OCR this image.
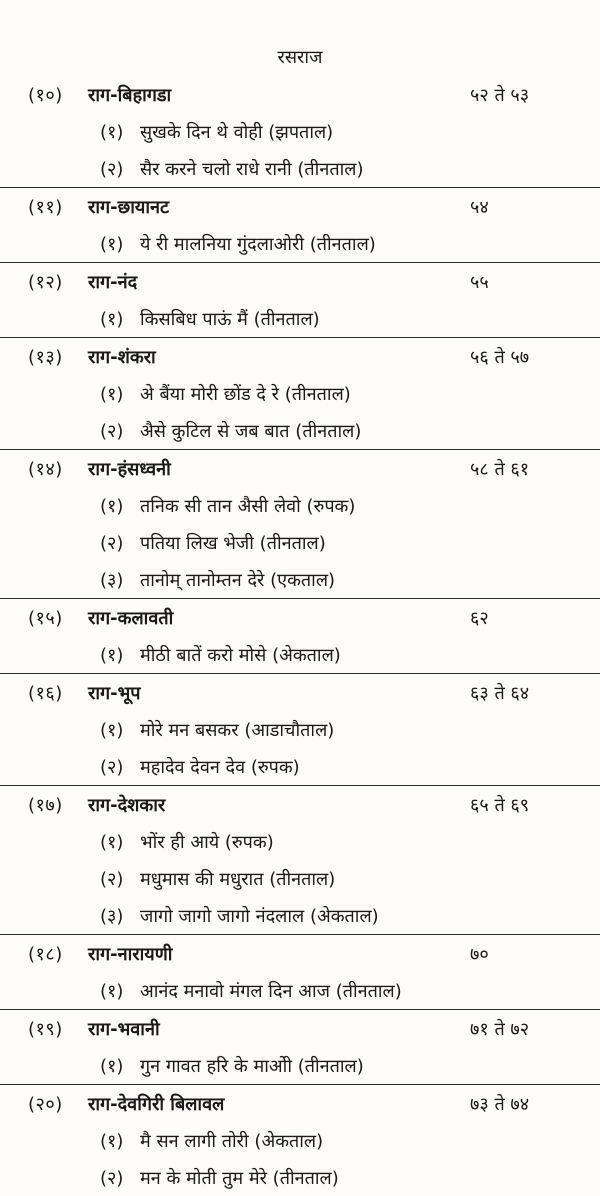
रसराज
(१०) राग-बिहागडा	५२ ते ५३
(१) सुखके दिन थे वोही (झपताल)
(२) सैर करने चलो राधे रानी (तीनताल)
(११) राग-छायानट	५४
(१) ये री मालनिया गुंदलाओरी (तीनताल)
(१२) राग-नंद	५५
(१) किसबिध पाऊं मैं (तीनताल)
(१३) राग-शंकरा	५६ ते ५७
(१) अे बैंया मोरी छोंड दे रे (तीनताल)
(२) अैसे कुटिल से जब बात (तीनताल)
(१४) राग-हंसध्वनी	५८ ते ६१
(१) तनिक सी तान अैसी लेवो (रुपक)
(२) पतिया लिख भेजी (तीनताल)
(३) तानोम् तानोम्तन देरे (एकताल)
(१५) राग-कलावती	६२
(१) मीठी बातें करो मोसे (अेकताल)
(१६) राग-भूप	६३ ते ६४
(१) मोरे मन बसकर (आडाचौताल)
(२) महादेव देवन देव (रुपक)
(१७) राग-देशकार	६५ ते ६९
(१) भोंर ही आये (रुपक)
(२) मधुमास की मधुरात (तीनताल)
(३) जागो जागो जागो नंदलाल (अेकताल)
(१८) राग-नारायणी	७०
(१) आनंद मनावो मंगल दिन आज (तीनताल)
(१९) राग-भवानी	७१ ते ७२
(१) गुन गावत हरि के माओी (तीनताल)
(२०) राग-देवगिरी बिलावल	७३ ते ७४
(१) मै सन लागी तोरी (अेकताल)
(२) मन के मोती तुम मेरे (तीनताल)
